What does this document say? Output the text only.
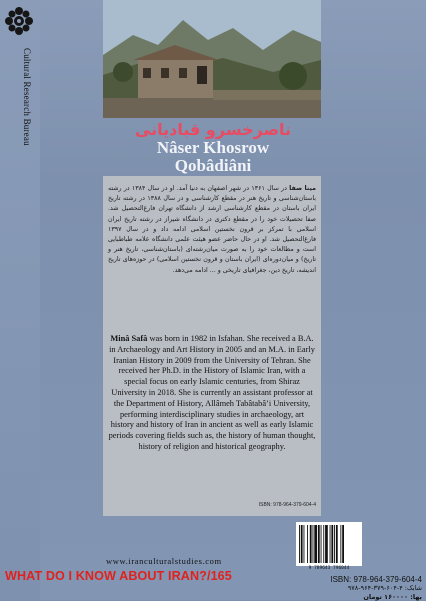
Cultural Research Bureau	ناصرخسرو قبادیانی
Nâser Khosrow
Qobâdiâni
مینا صفا در سال ۱۳۶۱ در شهر اصفهان به دنیا آمد. او در سال ۱۳۸۴ در رشته باستان‌شناسی و تاریخ هنر در مقطع کارشناسی و در سال ۱۳۸۸ در رشته تاریخ ایران باستان در مقطع کارشناسی ارشد از دانشگاه تهران فارغ‌التحصیل شد. صفا تحصیلات خود را در مقطع دکتری در دانشگاه شیراز در رشته تاریخ ایران اسلامی با تمرکز بر قرون نخستین اسلامی ادامه داد و در سال ۱۳۹۷ فارغ‌التحصیل شد. او در حال حاضر عضو هیئت علمی دانشگاه علامه طباطبایی است و مطالعات خود را به صورت میان‌رشته‌ای (باستان‌شناسی، تاریخ هنر و تاریخ) و میان‌دوره‌ای (ایران باستان و قرون نخستین اسلامی) در حوزه‌های تاریخ اندیشه، تاریخ دین، جغرافیای تاریخی و ... ادامه می‌دهد.
Minâ Safâ was born in 1982 in Isfahan. She received a B.A. in Archaeology and Art History in 2005 and an M.A. in Early Iranian History in 2009 from the University of Tehran. She received her Ph.D. in the History of Islamic Iran, with a special focus on early Islamic centuries, from Shiraz University in 2018. She is currently an assistant professor at the Department of History, Allâmeh Tabâtabâ’i University, performing interdisciplinary studies in archaeology, art history and history of Iran in ancient as well as early Islamic periods covering fields such as, the history of human thought, history of religion and historical geography.
ISBN: 978-964-379-604-4
9 789643 796044
www.iranculturalstudies.com
WHAT DO I KNOW ABOUT IRAN?/165	ISBN: 978-964-379-604-4
شابک: ۴-۶۰۴-۳۷۹-۹۶۴-۹۷۸
بها: ۱۶۰۰۰۰ تومان
